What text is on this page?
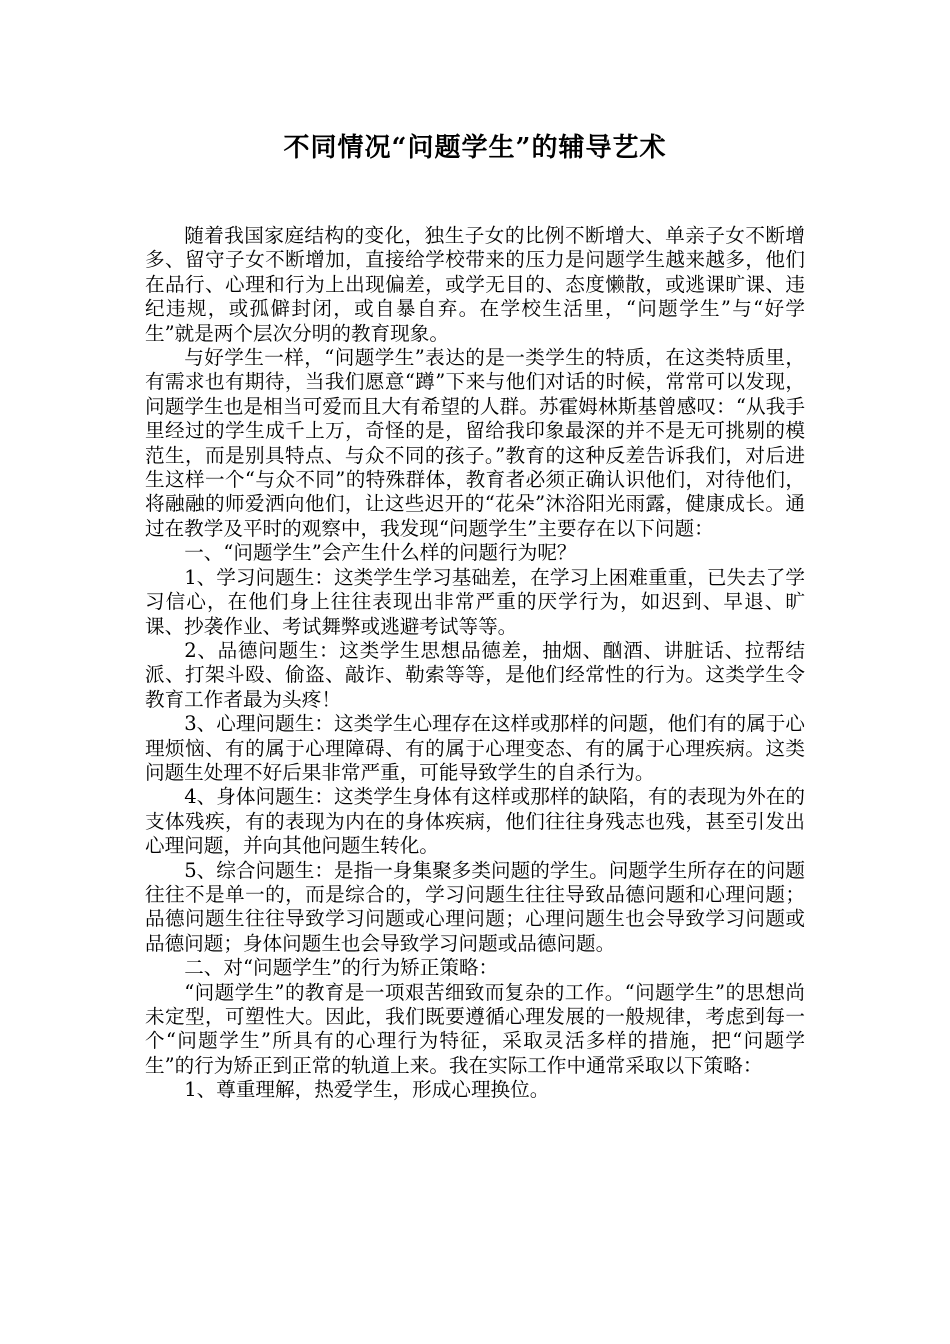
不同情况“问题学生”的辅导艺术

随着我国家庭结构的变化，独生子女的比例不断增大、单亲子女不断增多、留守子女不断增加，直接给学校带来的压力是问题学生越来越多，他们在品行、心理和行为上出现偏差，或学无目的、态度懒散，或逃课旷课、违纪违规，或孤僻封闭，或自暴自弃。在学校生活里，“问题学生”与“好学生”就是两个层次分明的教育现象。

与好学生一样，“问题学生”表达的是一类学生的特质，在这类特质里，有需求也有期待，当我们愿意“蹲”下来与他们对话的时候，常常可以发现，问题学生也是相当可爱而且大有希望的人群。苏霍姆林斯基曾感叹：“从我手里经过的学生成千上万，奇怪的是，留给我印象最深的并不是无可挑剔的模范生，而是别具特点、与众不同的孩子。”教育的这种反差告诉我们，对后进生这样一个“与众不同”的特殊群体，教育者必须正确认识他们，对待他们，将融融的师爱洒向他们，让这些迟开的“花朵”沐浴阳光雨露，健康成长。通过在教学及平时的观察中，我发现“问题学生”主要存在以下问题：

一、“问题学生”会产生什么样的问题行为呢？

1、学习问题生：这类学生学习基础差，在学习上困难重重，已失去了学习信心，在他们身上往往表现出非常严重的厌学行为，如迟到、早退、旷课、抄袭作业、考试舞弊或逃避考试等等。

2、品德问题生：这类学生思想品德差，抽烟、酗酒、讲脏话、拉帮结派、打架斗殴、偷盗、敲诈、勒索等等，是他们经常性的行为。这类学生令教育工作者最为头疼！

3、心理问题生：这类学生心理存在这样或那样的问题，他们有的属于心理烦恼、有的属于心理障碍、有的属于心理变态、有的属于心理疾病。这类问题生处理不好后果非常严重，可能导致学生的自杀行为。

4、身体问题生：这类学生身体有这样或那样的缺陷，有的表现为外在的支体残疾，有的表现为内在的身体疾病，他们往往身残志也残，甚至引发出心理问题，并向其他问题生转化。

5、综合问题生：是指一身集聚多类问题的学生。问题学生所存在的问题往往不是单一的，而是综合的，学习问题生往往导致品德问题和心理问题；品德问题生往往导致学习问题或心理问题；心理问题生也会导致学习问题或品德问题；身体问题生也会导致学习问题或品德问题。

二、对“问题学生”的行为矫正策略：

“问题学生”的教育是一项艰苦细致而复杂的工作。“问题学生”的思想尚未定型，可塑性大。因此，我们既要遵循心理发展的一般规律，考虑到每一个“问题学生”所具有的心理行为特征，采取灵活多样的措施，把“问题学生”的行为矫正到正常的轨道上来。我在实际工作中通常采取以下策略：

1、尊重理解，热爱学生，形成心理换位。
